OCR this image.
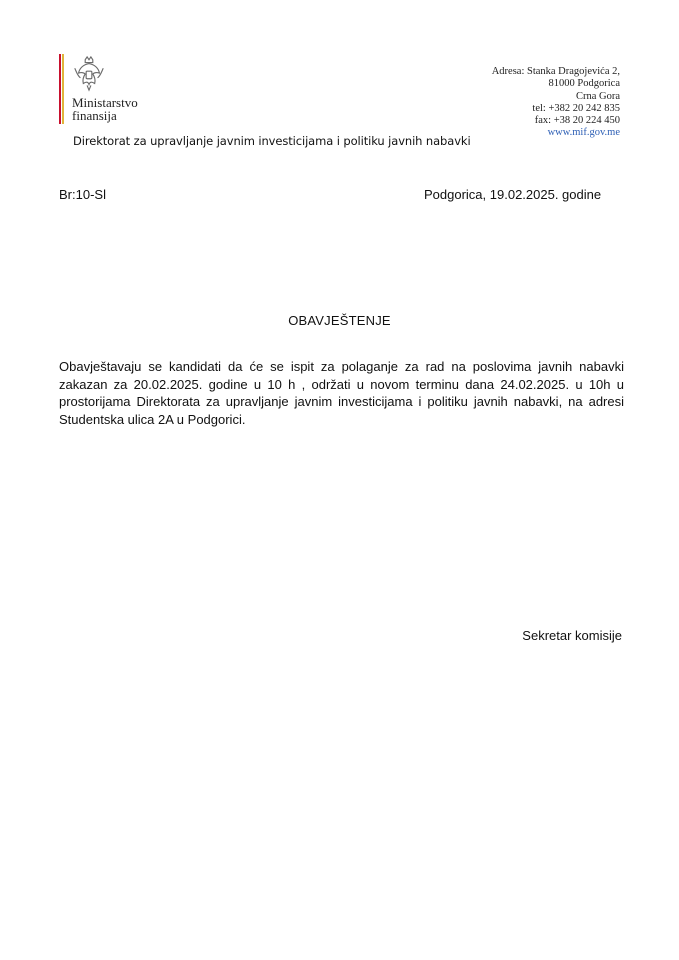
Ministarstvo
finansija
Direktorat za upravljanje javnim investicijama i politiku javnih nabavki
Adresa: Stanka Dragojevića 2,
81000 Podgorica
Crna Gora
tel: +382 20 242 835
fax: +38 20 224 450
www.mif.gov.me
Br:10-Sl	Podgorica, 19.02.2025. godine
OBAVJEŠTENJE
Obavještavaju se kandidati da će se ispit za polaganje za rad na poslovima javnih nabavki zakazan za 20.02.2025. godine u 10 h , održati u novom terminu dana 24.02.2025. u 10h u prostorijama Direktorata za upravljanje javnim investicijama i politiku javnih nabavki, na adresi Studentska ulica 2A u Podgorici.
Sekretar komisije
